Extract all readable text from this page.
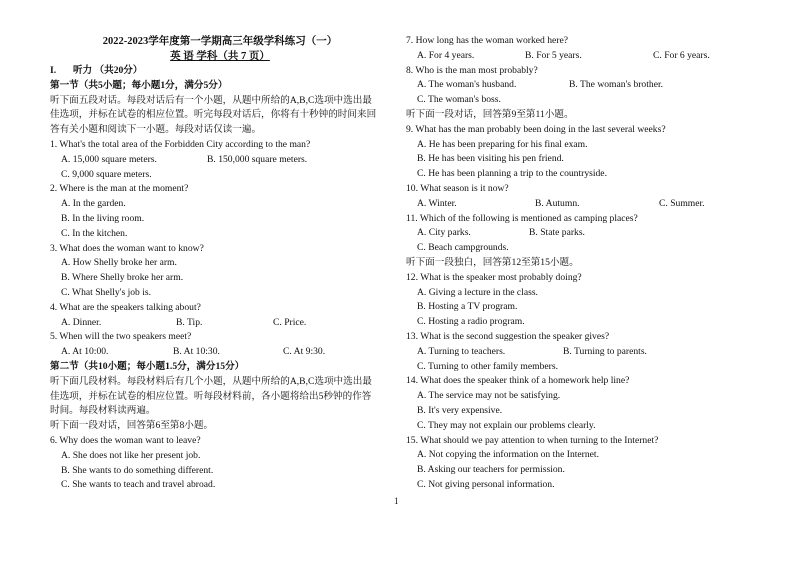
2022-2023学年度第一学期高三年级学科练习（一）
英 语 学科（共 7 页）
I. 听力 （共20分）
第一节（共5小题；每小题1分，满分5分）
听下面五段对话。每段对话后有一个小题，从题中所给的A,B,C选项中选出最
佳选项，并标在试卷的相应位置。听完每段对话后，你将有十秒钟的时间来回
答有关小题和阅读下一小题。每段对话仅读一遍。
1. What's the total area of the Forbidden City according to the man?
A. 15,000 square meters.	B. 150,000 square meters.
C. 9,000 square meters.
2. Where is the man at the moment?
A. In the garden.
B. In the living room.
C. In the kitchen.
3. What does the woman want to know?
A. How Shelly broke her arm.
B. Where Shelly broke her arm.
C. What Shelly's job is.
4. What are the speakers talking about?
A. Dinner.	B. Tip.	C. Price.
5. When will the two speakers meet?
A. At 10:00.	B. At 10:30.	C. At 9:30.
第二节（共10小题；每小题1.5分，满分15分）
听下面几段材料。每段材料后有几个小题，从题中所给的A,B,C选项中选出最
佳选项，并标在试卷的相应位置。听每段材料前，各小题将给出5秒钟的作答
时间。每段材料读两遍。
听下面一段对话，回答第6至第8小题。
6. Why does the woman want to leave?
A. She does not like her present job.
B. She wants to do something different.
C. She wants to teach and travel abroad.
7. How long has the woman worked here?
A. For 4 years.	B. For 5 years.	C. For 6 years.
8. Who is the man most probably?
A. The woman's husband.	B. The woman's brother.
C. The woman's boss.
听下面一段对话，回答第9至第11小题。
9. What has the man probably been doing in the last several weeks?
A. He has been preparing for his final exam.
B. He has been visiting his pen friend.
C. He has been planning a trip to the countryside.
10. What season is it now?
A. Winter.	B. Autumn.	C. Summer.
11. Which of the following is mentioned as camping places?
A. City parks.	B. State parks.
C. Beach campgrounds.
听下面一段独白，回答第12至第15小题。
12. What is the speaker most probably doing?
A. Giving a lecture in the class.
B. Hosting a TV program.
C. Hosting a radio program.
13. What is the second suggestion the speaker gives?
A. Turning to teachers.	B. Turning to parents.
C. Turning to other family members.
14. What does the speaker think of a homework help line?
A. The service may not be satisfying.
B. It's very expensive.
C. They may not explain our problems clearly.
15. What should we pay attention to when turning to the Internet?
A. Not copying the information on the Internet.
B. Asking our teachers for permission.
C. Not giving personal information.
1
